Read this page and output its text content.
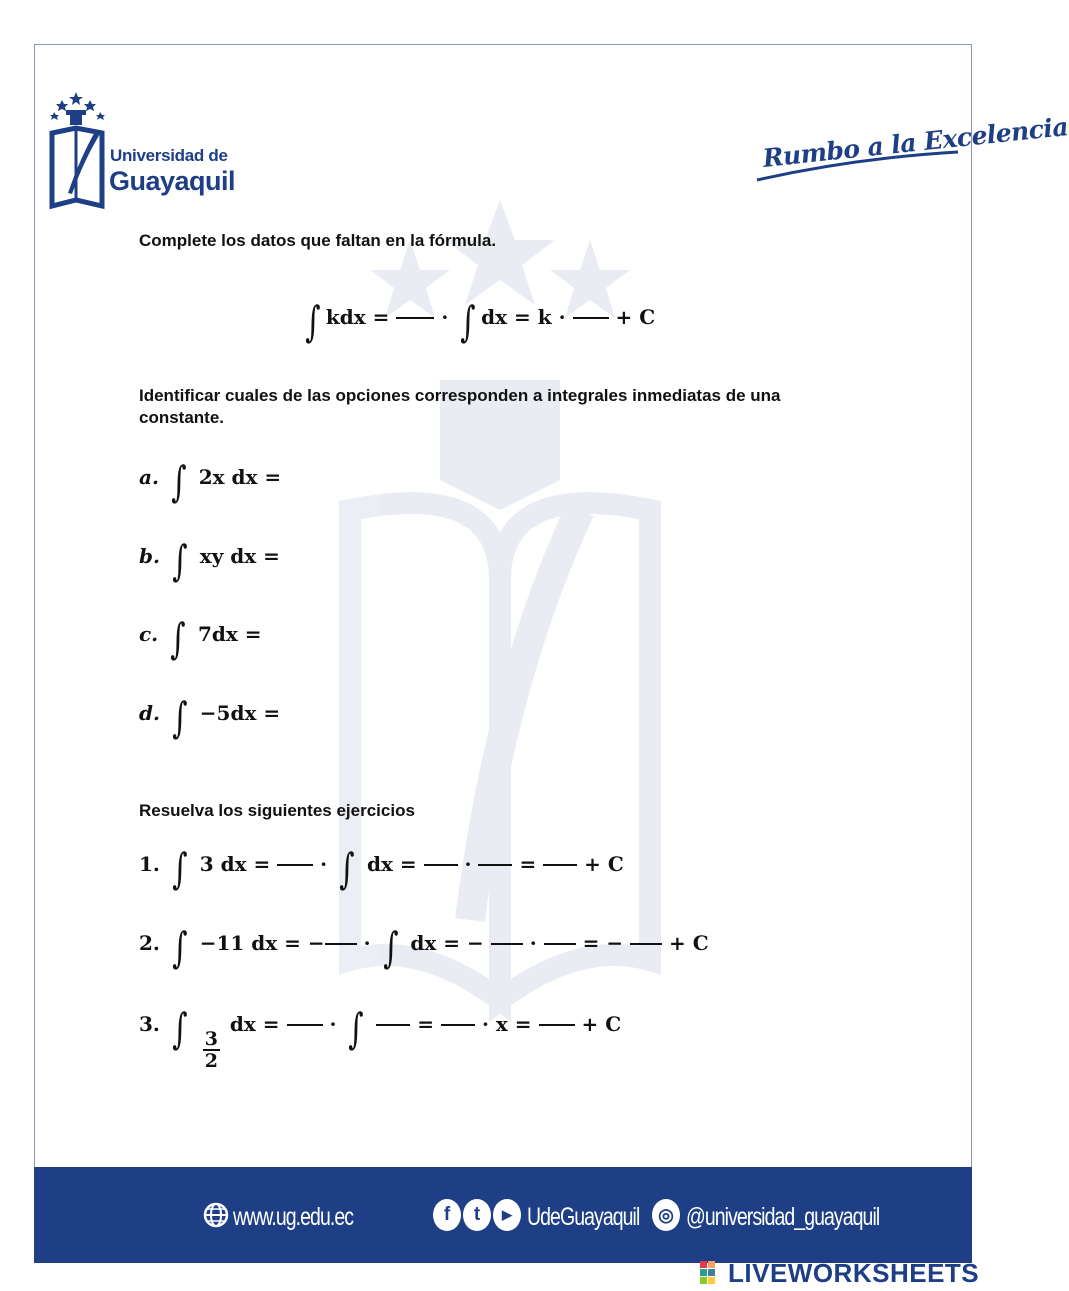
Universidad de
Guayaquil
Rumbo a la Excelencia
Complete los datos que faltan en la fórmula.
∫ kdx =	· ∫ dx = k · + C
Identificar cuales de las opciones corresponden a integrales inmediatas de una constante.
a. ∫ 2x dx =
b. ∫ xy dx =
c. ∫ 7dx =
d. ∫ −5dx =
Resuelva los siguientes ejercicios
1. ∫ 3 dx = · ∫ dx = · = + C
2. ∫ −11 dx = − · ∫ dx = − · = − + C
3. ∫ $\frac{3}{2}$
dx = · ∫	= · x = + C
www.ug.edu.ec	f	t	▶ UdeGuayaquil	◎ @universidad_guayaquil
LIVEWORKSHEETS
